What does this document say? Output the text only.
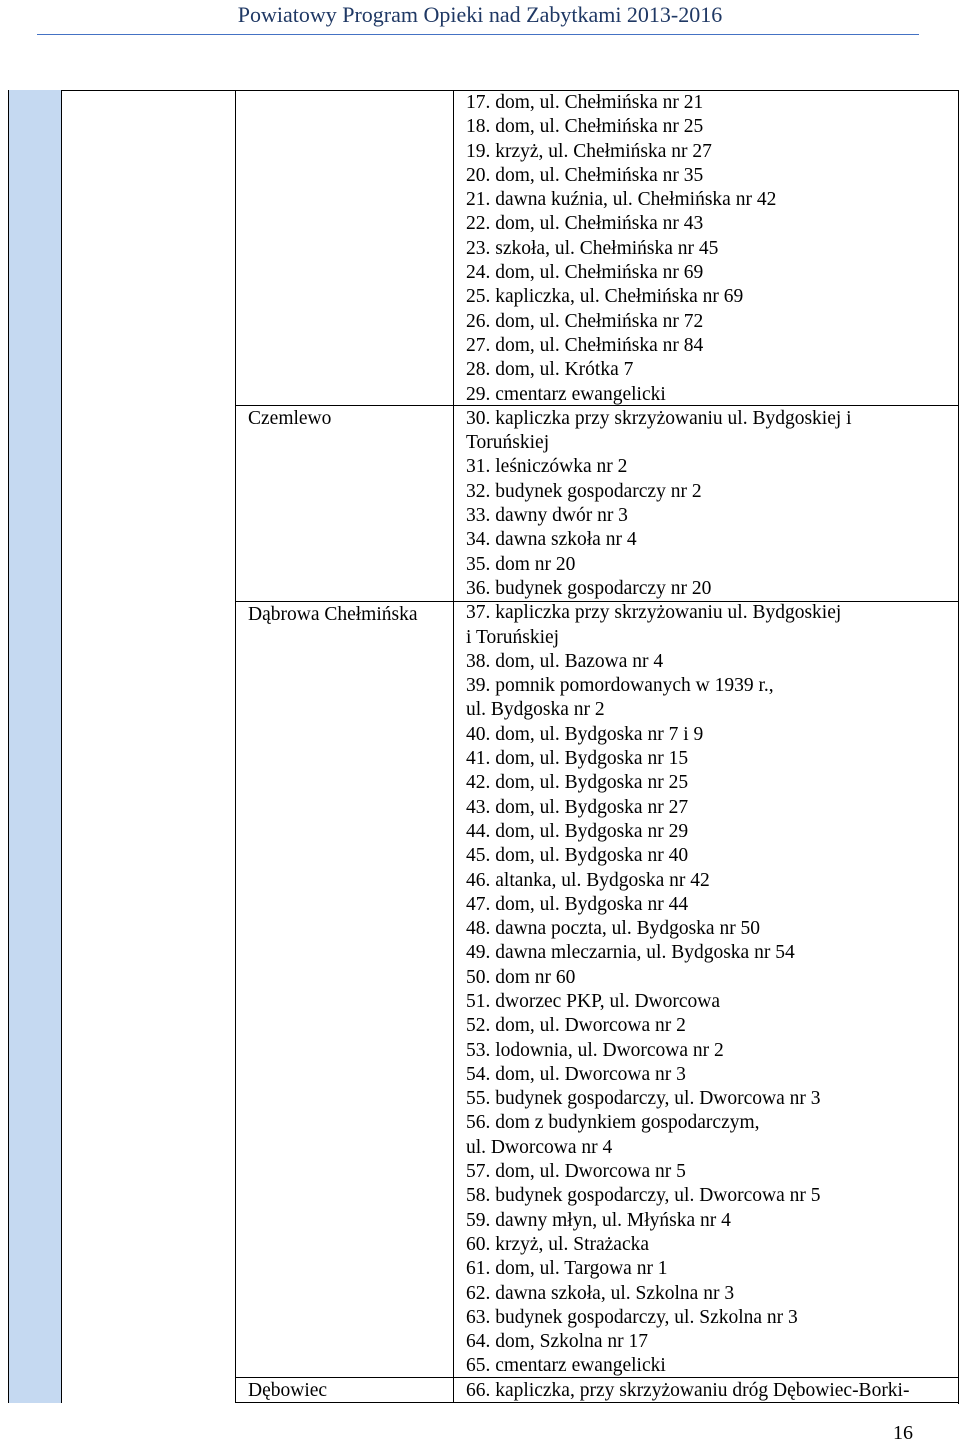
Powiatowy Program Opieki nad Zabytkami 2013-2016
Czemlewo
Dąbrowa Chełmińska
Dębowiec
17. dom, ul. Chełmińska nr 21
18. dom, ul. Chełmińska nr 25
19. krzyż, ul. Chełmińska nr 27
20. dom, ul. Chełmińska nr 35
21. dawna kuźnia, ul. Chełmińska nr 42
22. dom, ul. Chełmińska nr 43
23. szkoła, ul. Chełmińska nr 45
24. dom, ul. Chełmińska nr 69
25. kapliczka, ul. Chełmińska nr 69
26. dom, ul. Chełmińska nr 72
27. dom, ul. Chełmińska nr 84
28. dom, ul. Krótka 7
29. cmentarz ewangelicki
30. kapliczka przy skrzyżowaniu ul. Bydgoskiej i
Toruńskiej
31. leśniczówka nr 2
32. budynek gospodarczy nr 2
33. dawny dwór nr 3
34. dawna szkoła nr 4
35. dom nr 20
36. budynek gospodarczy nr 20
37. kapliczka przy skrzyżowaniu ul. Bydgoskiej
i Toruńskiej
38. dom, ul. Bazowa nr 4
39. pomnik pomordowanych w 1939 r.,
ul. Bydgoska nr 2
40. dom, ul. Bydgoska nr 7 i 9
41. dom, ul. Bydgoska nr 15
42. dom, ul. Bydgoska nr 25
43. dom, ul. Bydgoska nr 27
44. dom, ul. Bydgoska nr 29
45. dom, ul. Bydgoska nr 40
46. altanka, ul. Bydgoska nr 42
47. dom, ul. Bydgoska nr 44
48. dawna poczta, ul. Bydgoska nr 50
49. dawna mleczarnia, ul. Bydgoska nr 54
50. dom nr 60
51. dworzec PKP, ul. Dworcowa
52. dom, ul. Dworcowa nr 2
53. lodownia, ul. Dworcowa nr 2
54. dom, ul. Dworcowa nr 3
55. budynek gospodarczy, ul. Dworcowa nr 3
56. dom z budynkiem gospodarczym,
ul. Dworcowa nr 4
57. dom, ul. Dworcowa nr 5
58. budynek gospodarczy, ul. Dworcowa nr 5
59. dawny młyn, ul. Młyńska nr 4
60. krzyż, ul. Strażacka
61. dom, ul. Targowa nr 1
62. dawna szkoła, ul. Szkolna nr 3
63. budynek gospodarczy, ul. Szkolna nr 3
64. dom, Szkolna nr 17
65. cmentarz ewangelicki
66. kapliczka, przy skrzyżowaniu dróg Dębowiec-Borki-
16
